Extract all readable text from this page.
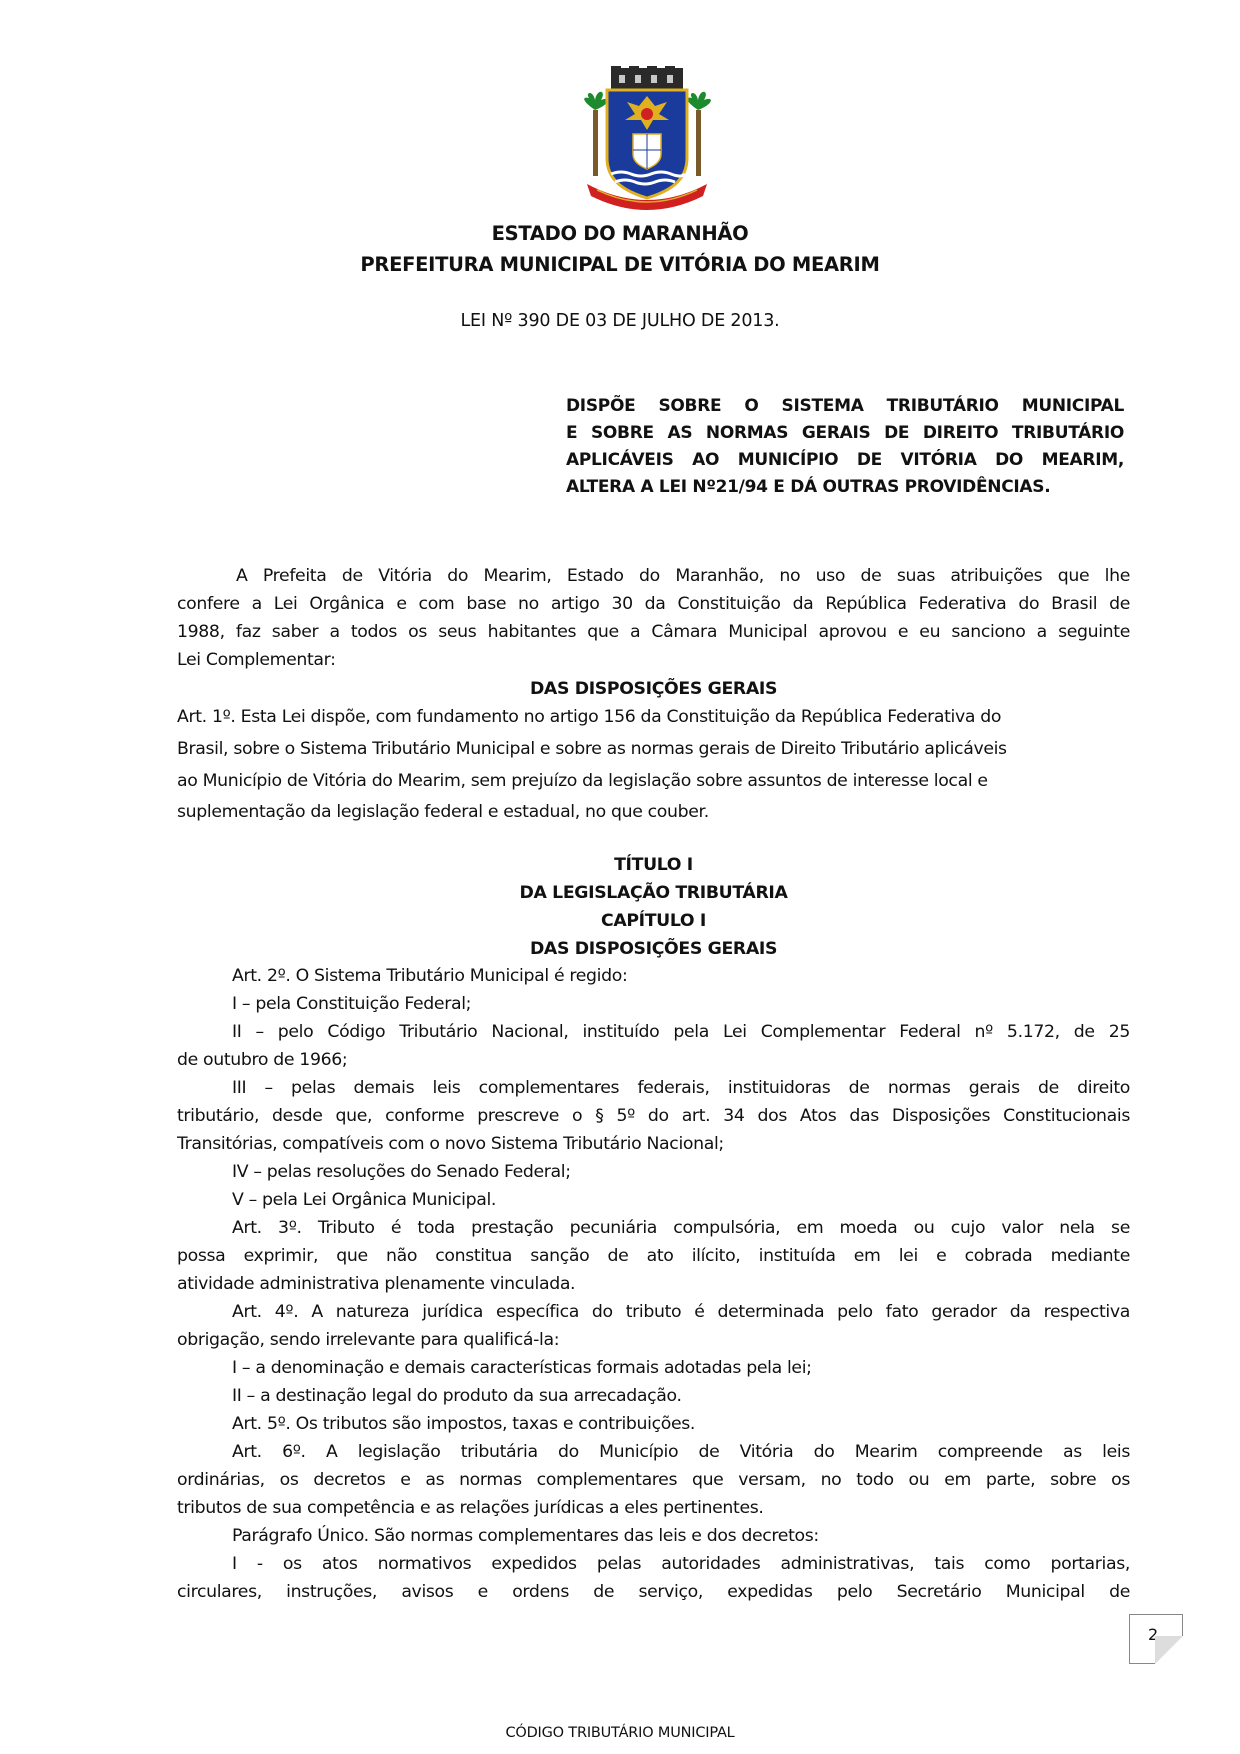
ESTADO DO MARANHÃO
PREFEITURA MUNICIPAL DE VITÓRIA DO MEARIM
LEI Nº 390 DE 03 DE JULHO DE 2013.
DISPÕE SOBRE O SISTEMA TRIBUTÁRIO MUNICIPAL
E SOBRE AS NORMAS GERAIS DE DIREITO TRIBUTÁRIO
APLICÁVEIS AO MUNICÍPIO DE VITÓRIA DO MEARIM,
ALTERA A LEI Nº21/94 E DÁ OUTRAS PROVIDÊNCIAS.
A Prefeita de Vitória do Mearim, Estado do Maranhão, no uso de suas atribuições que lhe
confere a Lei Orgânica e com base no artigo 30 da Constituição da República Federativa do Brasil de
1988, faz saber a todos os seus habitantes que a Câmara Municipal aprovou e eu sanciono a seguinte
Lei Complementar:
DAS DISPOSIÇÕES GERAIS
Art. 1º. Esta Lei dispõe, com fundamento no artigo 156 da Constituição da República Federativa do
Brasil, sobre o Sistema Tributário Municipal e sobre as normas gerais de Direito Tributário aplicáveis
ao Município de Vitória do Mearim, sem prejuízo da legislação sobre assuntos de interesse local e
suplementação da legislação federal e estadual, no que couber.
TÍTULO I
DA LEGISLAÇÃO TRIBUTÁRIA
CAPÍTULO I
DAS DISPOSIÇÕES GERAIS
Art. 2º. O Sistema Tributário Municipal é regido:
I – pela Constituição Federal;
II – pelo Código Tributário Nacional, instituído pela Lei Complementar Federal nº 5.172, de 25
de outubro de 1966;
III – pelas demais leis complementares federais, instituidoras de normas gerais de direito
tributário, desde que, conforme prescreve o § 5º do art. 34 dos Atos das Disposições Constitucionais
Transitórias, compatíveis com o novo Sistema Tributário Nacional;
IV – pelas resoluções do Senado Federal;
V – pela Lei Orgânica Municipal.
Art. 3º. Tributo é toda prestação pecuniária compulsória, em moeda ou cujo valor nela se
possa exprimir, que não constitua sanção de ato ilícito, instituída em lei e cobrada mediante
atividade administrativa plenamente vinculada.
Art. 4º. A natureza jurídica específica do tributo é determinada pelo fato gerador da respectiva
obrigação, sendo irrelevante para qualificá-la:
I – a denominação e demais características formais adotadas pela lei;
II – a destinação legal do produto da sua arrecadação.
Art. 5º. Os tributos são impostos, taxas e contribuições.
Art. 6º. A legislação tributária do Município de Vitória do Mearim compreende as leis
ordinárias, os decretos e as normas complementares que versam, no todo ou em parte, sobre os
tributos de sua competência e as relações jurídicas a eles pertinentes.
Parágrafo Único. São normas complementares das leis e dos decretos:
I - os atos normativos expedidos pelas autoridades administrativas, tais como portarias,
circulares, instruções, avisos e ordens de serviço, expedidas pelo Secretário Municipal de
2
CÓDIGO TRIBUTÁRIO MUNICIPAL
